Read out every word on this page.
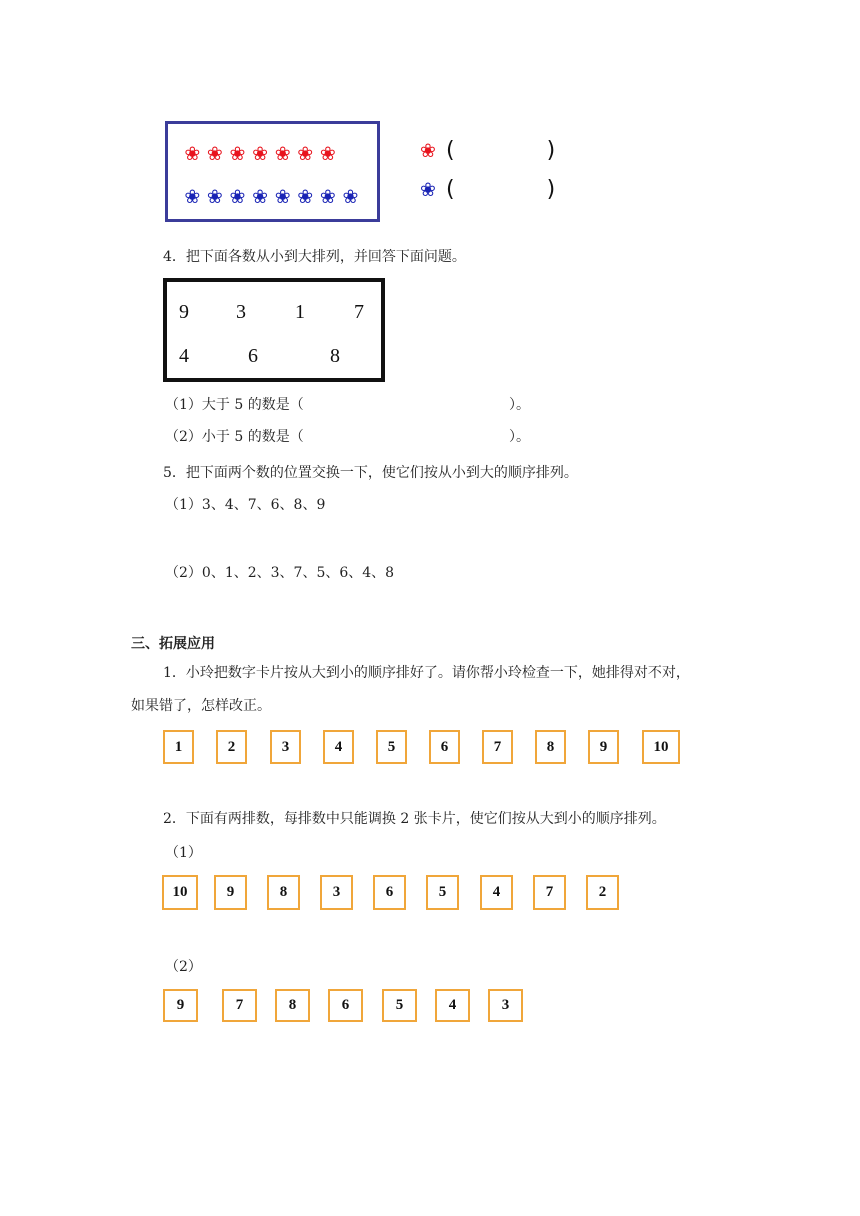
❀ ❀ ❀ ❀ ❀ ❀ ❀
❀ ❀ ❀ ❀ ❀ ❀ ❀ ❀
❀ (	)
❀ (	)
4．把下面各数从小到大排列，并回答下面问题。
9 3 1 7
4	6	8
（1）大于 5 的数是（	）。
（2）小于 5 的数是（	）。
5．把下面两个数的位置交换一下，使它们按从小到大的顺序排列。
（1）3、4、7、6、8、9
（2）0、1、2、3、7、5、6、4、8
三、拓展应用
1．小玲把数字卡片按从大到小的顺序排好了。请你帮小玲检查一下，她排得对不对，
如果错了，怎样改正。
1	2	3	4	5	6	7	8	9	10
2．下面有两排数，每排数中只能调换 2 张卡片，使它们按从大到小的顺序排列。
（1）
10	9	8	3	6	5	4	7	2
（2）
9	7	8	6	5	4	3
